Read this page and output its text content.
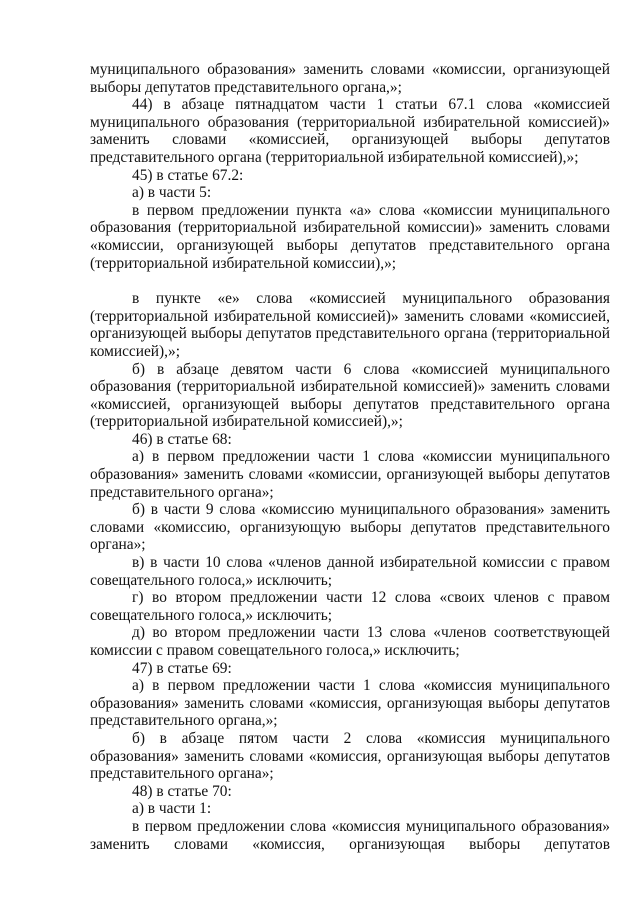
муниципального образования» заменить словами «комиссии, организующей выборы депутатов представительного органа,»;

44) в абзаце пятнадцатом части 1 статьи 67.1 слова «комиссией муниципального образования (территориальной избирательной комиссией)» заменить словами «комиссией, организующей выборы депутатов представительного органа (территориальной избирательной комиссией),»;

45) в статье 67.2:

а) в части 5:

в первом предложении пункта «а» слова «комиссии муниципального образования (территориальной избирательной комиссии)» заменить словами «комиссии, организующей выборы депутатов представительного органа (территориальной избирательной комиссии),»;

в пункте «е» слова «комиссией муниципального образования (территориальной избирательной комиссией)» заменить словами «комиссией, организующей выборы депутатов представительного органа (территориальной комиссией),»;

б) в абзаце девятом части 6 слова «комиссией муниципального образования (территориальной избирательной комиссией)» заменить словами «комиссией, организующей выборы депутатов представительного органа (территориальной избирательной комиссией),»;

46) в статье 68:

а) в первом предложении части 1 слова «комиссии муниципального образования» заменить словами «комиссии, организующей выборы депутатов представительного органа»;

б) в части 9 слова «комиссию муниципального образования» заменить словами «комиссию, организующую выборы депутатов представительного органа»;

в) в части 10 слова «членов данной избирательной комиссии с правом совещательного голоса,» исключить;

г) во втором предложении части 12 слова «своих членов с правом совещательного голоса,» исключить;

д) во втором предложении части 13 слова «членов соответствующей комиссии с правом совещательного голоса,» исключить;

47) в статье 69:

а) в первом предложении части 1 слова «комиссия муниципального образования» заменить словами «комиссия, организующая выборы депутатов представительного органа,»;

б) в абзаце пятом части 2 слова «комиссия муниципального образования» заменить словами «комиссия, организующая выборы депутатов представительного органа»;

48) в статье 70:

а) в части 1:

в первом предложении слова «комиссия муниципального образования» заменить словами «комиссия, организующая выборы депутатов
